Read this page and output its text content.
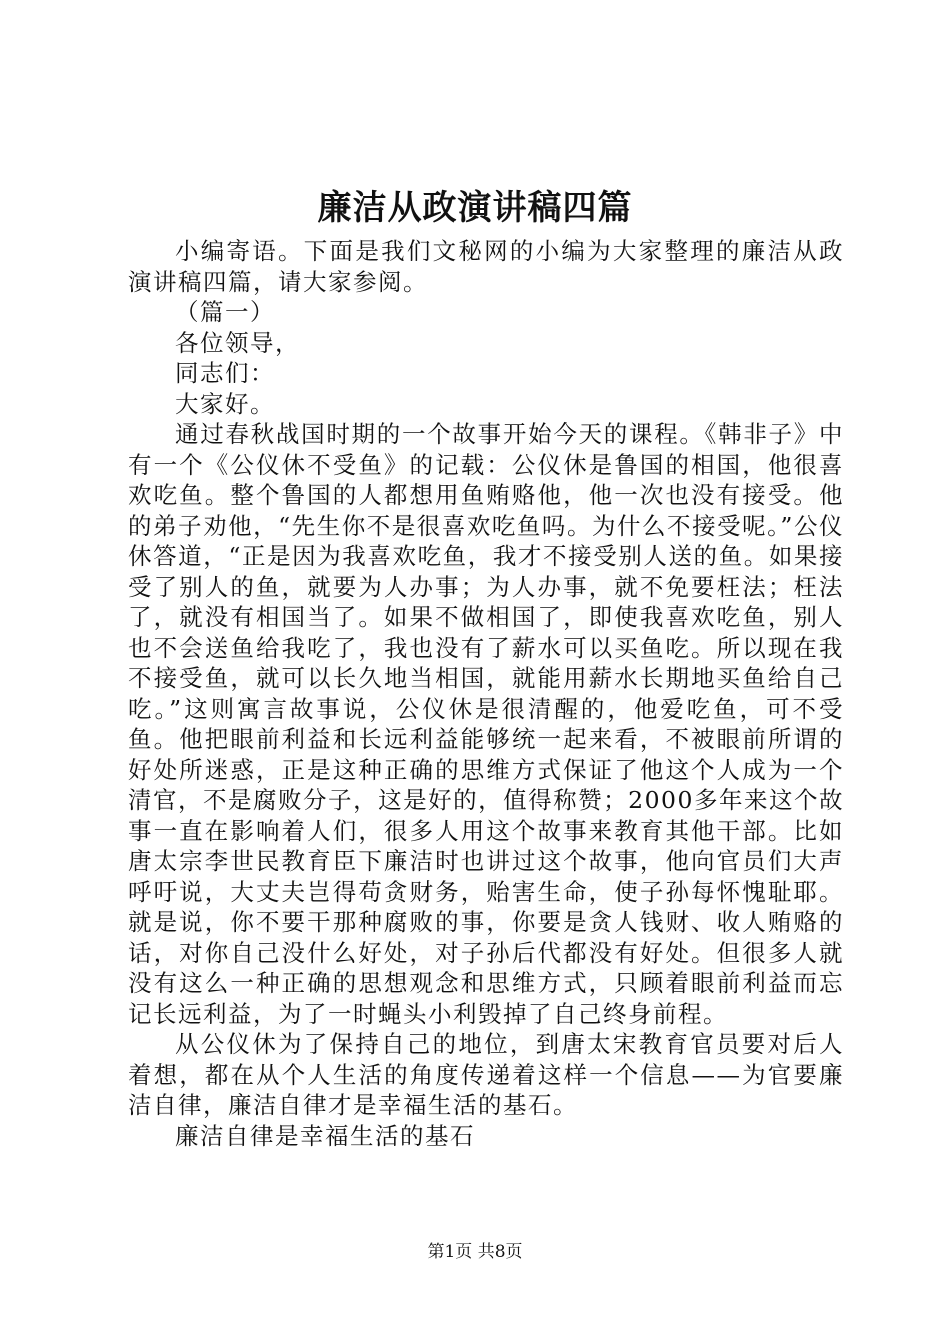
廉洁从政演讲稿四篇

小编寄语。下面是我们文秘网的小编为大家整理的廉洁从政演讲稿四篇，请大家参阅。

（篇一）

各位领导，

同志们：

大家好。

通过春秋战国时期的一个故事开始今天的课程。《韩非子》中有一个《公仪休不受鱼》的记载：公仪休是鲁国的相国，他很喜欢吃鱼。整个鲁国的人都想用鱼贿赂他，他一次也没有接受。他的弟子劝他，“先生你不是很喜欢吃鱼吗。为什么不接受呢。”公仪休答道，“正是因为我喜欢吃鱼，我才不接受别人送的鱼。如果接受了别人的鱼，就要为人办事；为人办事，就不免要枉法；枉法了，就没有相国当了。如果不做相国了，即使我喜欢吃鱼，别人也不会送鱼给我吃了，我也没有了薪水可以买鱼吃。所以现在我不接受鱼，就可以长久地当相国，就能用薪水长期地买鱼给自己吃。”这则寓言故事说，公仪休是很清醒的，他爱吃鱼，可不受鱼。他把眼前利益和长远利益能够统一起来看，不被眼前所谓的好处所迷惑，正是这种正确的思维方式保证了他这个人成为一个清官，不是腐败分子，这是好的，值得称赞；2000多年来这个故事一直在影响着人们，很多人用这个故事来教育其他干部。比如唐太宗李世民教育臣下廉洁时也讲过这个故事，他向官员们大声呼吁说，大丈夫岂得苟贪财务，贻害生命，使子孙每怀愧耻耶。就是说，你不要干那种腐败的事，你要是贪人钱财、收人贿赂的话，对你自己没什么好处，对子孙后代都没有好处。但很多人就没有这么一种正确的思想观念和思维方式，只顾着眼前利益而忘记长远利益，为了一时蝇头小利毁掉了自己终身前程。

从公仪休为了保持自己的地位，到唐太宋教育官员要对后人着想，都在从个人生活的角度传递着这样一个信息——为官要廉洁自律，廉洁自律才是幸福生活的基石。

廉洁自律是幸福生活的基石

第1页 共8页
